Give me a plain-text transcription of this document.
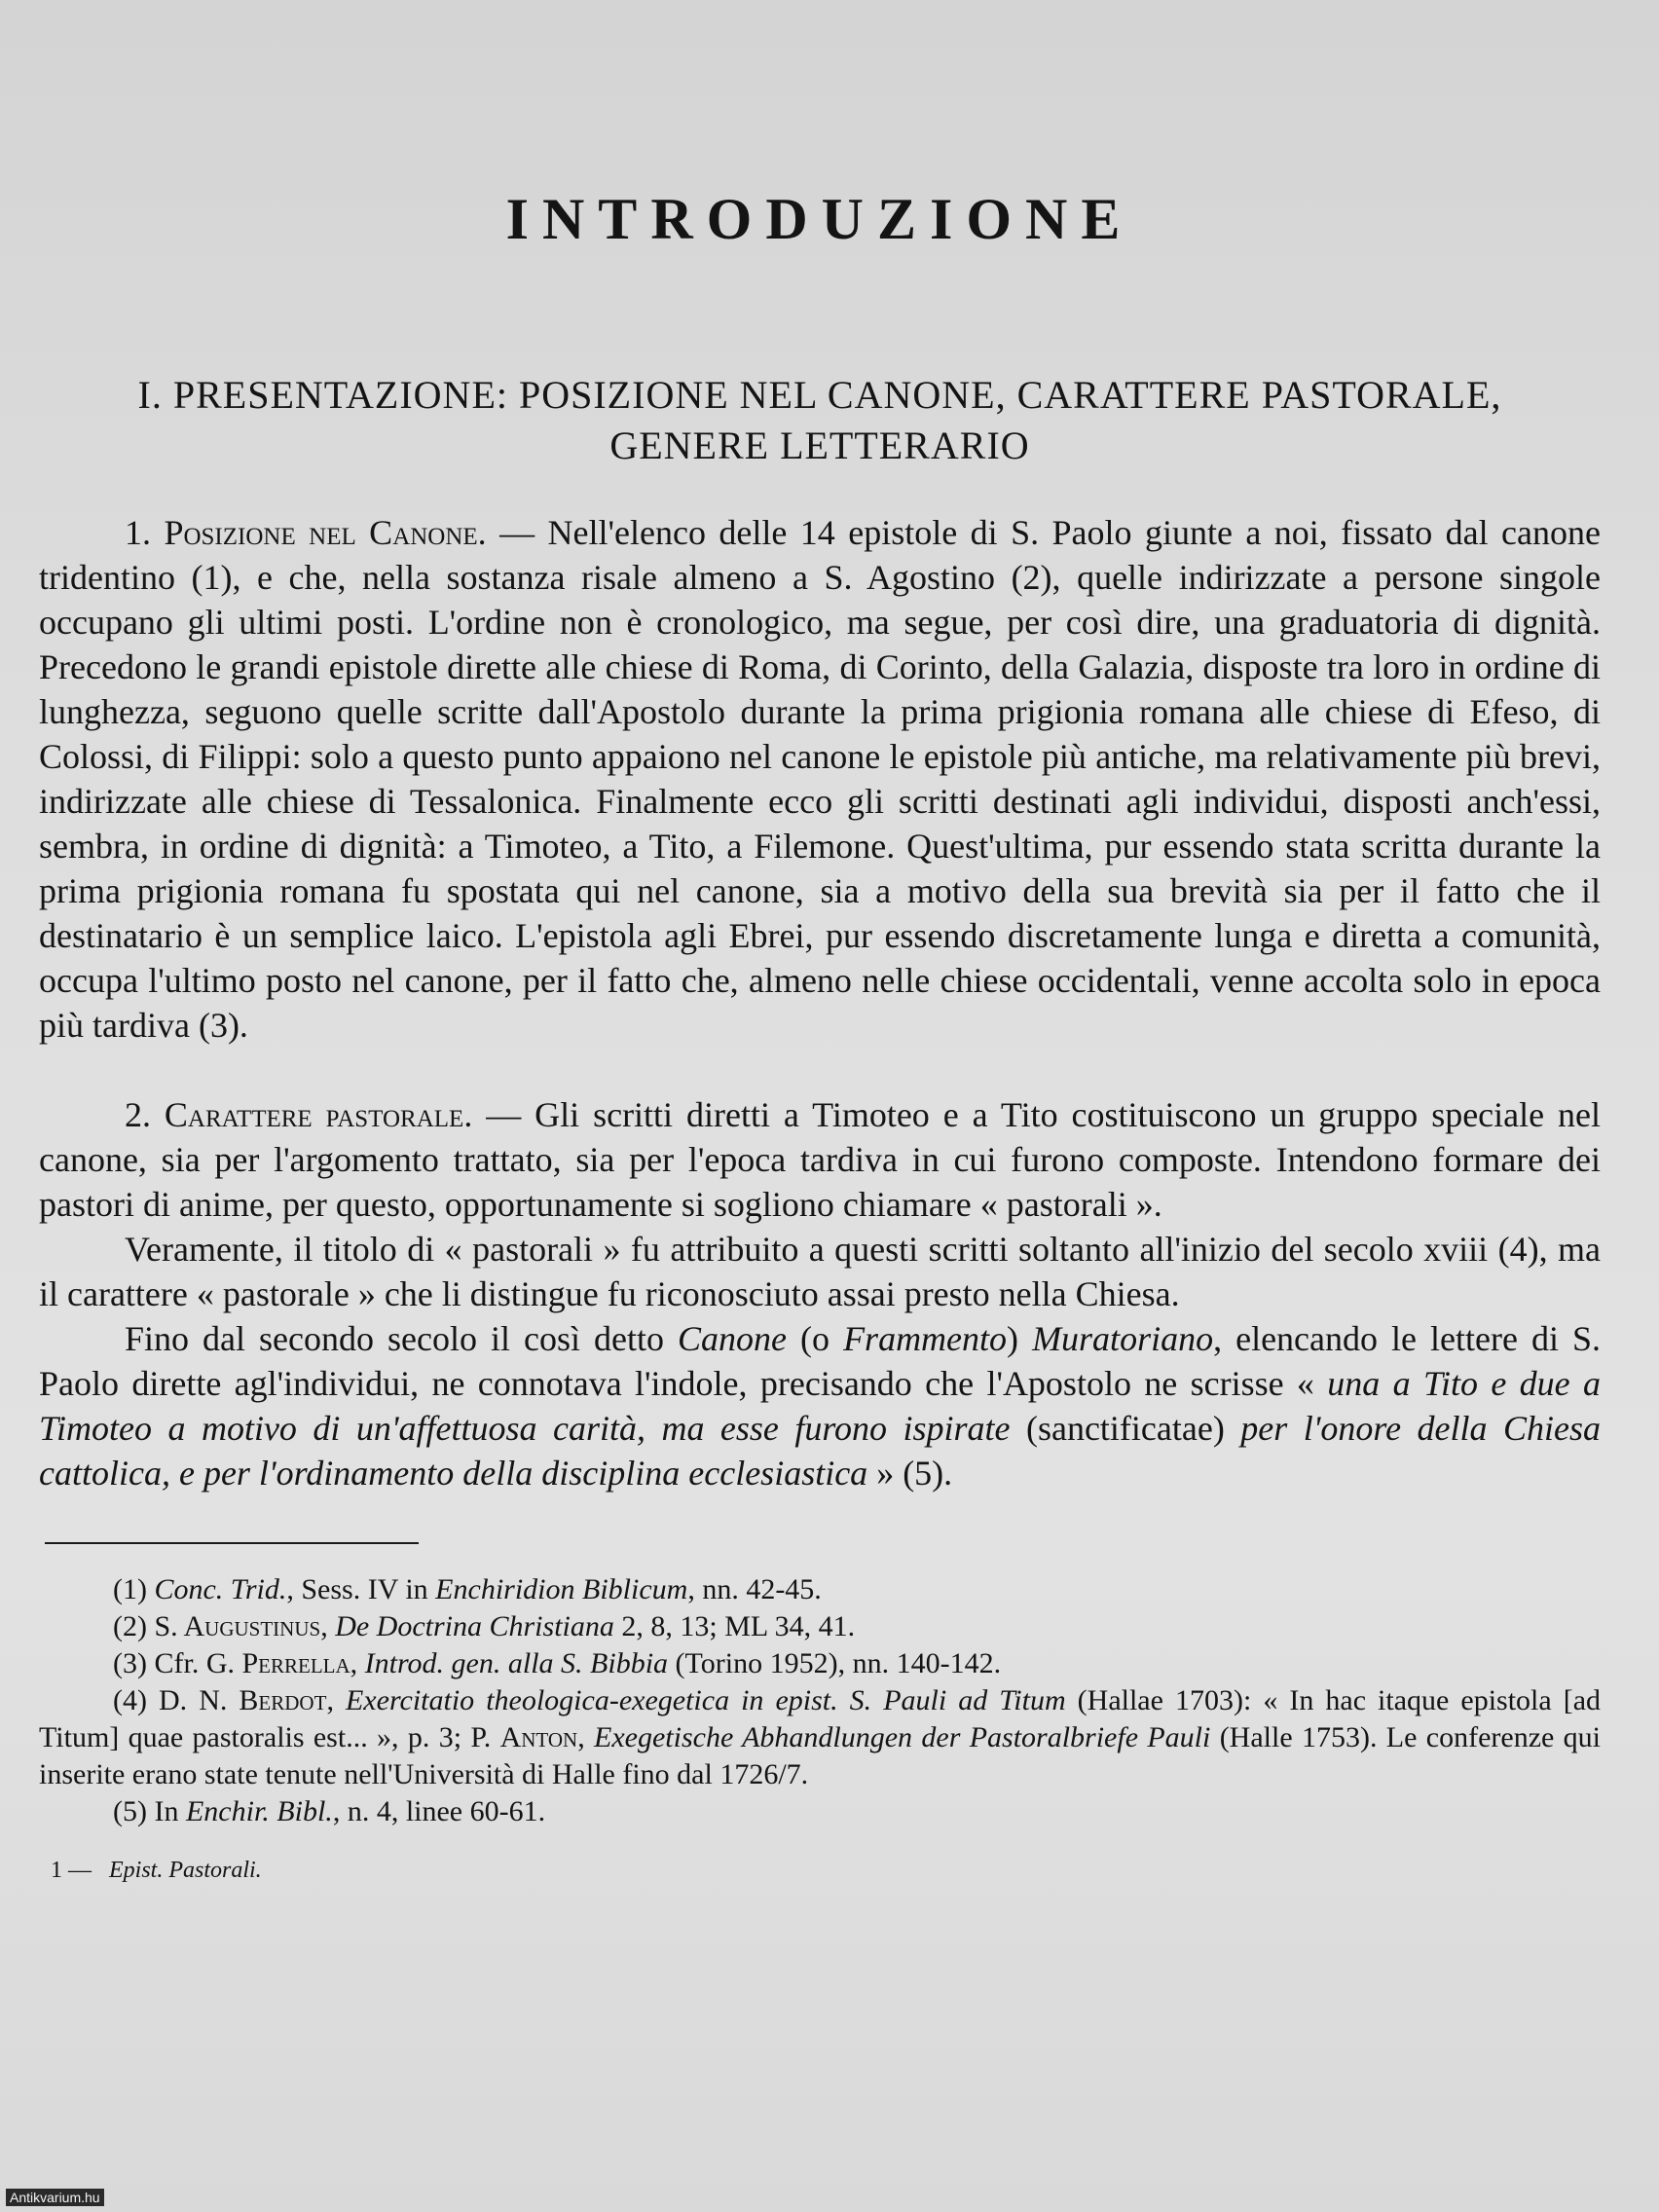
INTRODUZIONE
I. PRESENTAZIONE: POSIZIONE NEL CANONE, CARATTERE PASTORALE,
GENERE LETTERARIO

1. Posizione nel Canone. — Nell'elenco delle 14 epistole di S. Paolo giunte a noi, fissato dal canone tridentino (1), e che, nella sostanza risale almeno a S. Agostino (2), quelle indirizzate a persone singole occupano gli ultimi posti. L'ordine non è cronologico, ma segue, per così dire, una graduatoria di dignità. Precedono le grandi epistole dirette alle chiese di Roma, di Corinto, della Galazia, disposte tra loro in ordine di lunghezza, seguono quelle scritte dall'Apostolo durante la prima prigionia romana alle chiese di Efeso, di Colossi, di Filippi: solo a questo punto appaiono nel canone le epistole più antiche, ma relativamente più brevi, indirizzate alle chiese di Tessalonica. Finalmente ecco gli scritti destinati agli individui, disposti anch'essi, sembra, in ordine di dignità: a Timoteo, a Tito, a Filemone. Quest'ultima, pur essendo stata scritta durante la prima prigionia romana fu spostata qui nel canone, sia a motivo della sua brevità sia per il fatto che il destinatario è un semplice laico. L'epistola agli Ebrei, pur essendo discretamente lunga e diretta a comunità, occupa l'ultimo posto nel canone, per il fatto che, almeno nelle chiese occidentali, venne accolta solo in epoca più tardiva (3).

2. Carattere pastorale. — Gli scritti diretti a Timoteo e a Tito costituiscono un gruppo speciale nel canone, sia per l'argomento trattato, sia per l'epoca tardiva in cui furono composte. Intendono formare dei pastori di anime, per questo, opportunamente si sogliono chiamare « pastorali ».

Veramente, il titolo di « pastorali » fu attribuito a questi scritti soltanto all'inizio del secolo xviii (4), ma il carattere « pastorale » che li distingue fu riconosciuto assai presto nella Chiesa.

Fino dal secondo secolo il così detto Canone (o Frammento) Muratoriano, elencando le lettere di S. Paolo dirette agl'individui, ne connotava l'indole, precisando che l'Apostolo ne scrisse « una a Tito e due a Timoteo a motivo di un'affettuosa carità, ma esse furono ispirate (sanctificatae) per l'onore della Chiesa cattolica, e per l'ordinamento della disciplina ecclesiastica » (5).

(1) Conc. Trid., Sess. IV in Enchiridion Biblicum, nn. 42-45.

(2) S. Augustinus, De Doctrina Christiana 2, 8, 13; ML 34, 41.

(3) Cfr. G. Perrella, Introd. gen. alla S. Bibbia (Torino 1952), nn. 140-142.

(4) D. N. Berdot, Exercitatio theologica-exegetica in epist. S. Pauli ad Titum (Hallae 1703): « In hac itaque epistola [ad Titum] quae pastoralis est... », p. 3; P. Anton, Exegetische Abhandlungen der Pastoralbriefe Pauli (Halle 1753). Le conferenze qui inserite erano state tenute nell'Università di Halle fino dal 1726/7.

(5) In Enchir. Bibl., n. 4, linee 60-61.

1 — Epist. Pastorali.
Antikvarium.hu
